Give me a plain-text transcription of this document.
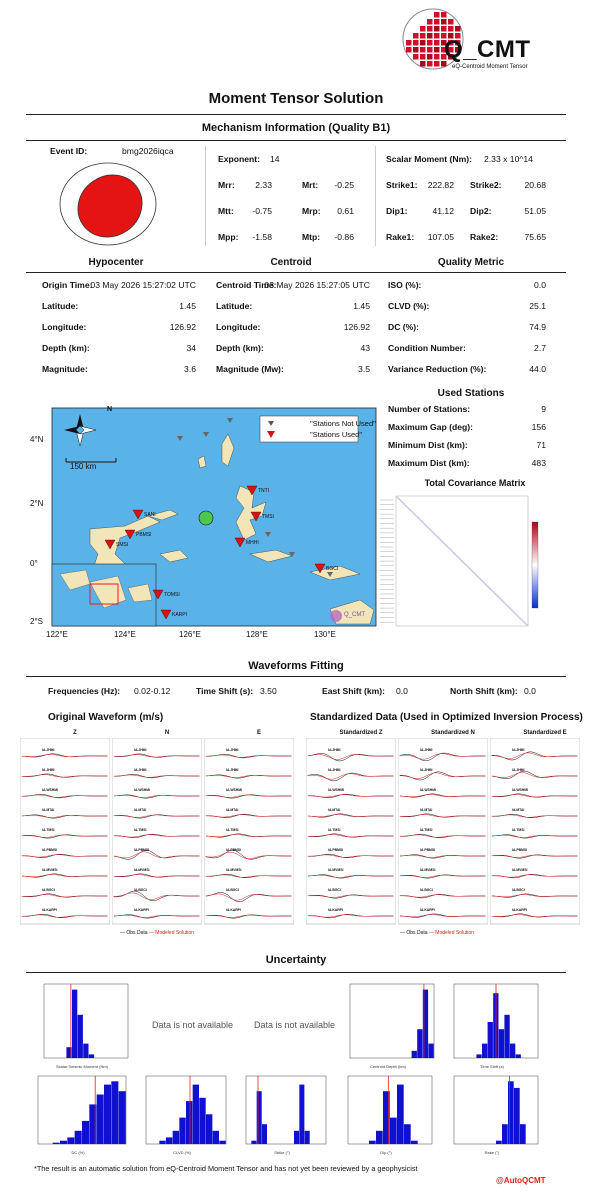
Q_CMT
eQ-Centroid Moment Tensor
Moment Tensor Solution
Mechanism Information (Quality B1)
Event ID:	bmg2026iqca
Exponent: 14	Scalar Moment (Nm): 2.33 x 10^14
Mrr:	2.33	Mrt:	-0.25	Strike1:	222.82 Strike2:	20.68
Mtt:	-0.75	Mrp:	0.61	Dip1:	41.12 Dip2:	51.05
Mpp:	-1.58	Mtp:	-0.86	Rake1:	107.05 Rake2:	75.65
Hypocenter	Centroid	Quality Metric
Origin Time:
03 May 2026 15:27:02 UTC
Latitude:	1.45
Longitude:	126.92
Depth (km):	34
Magnitude:	3.6
Centroid Time:
03 May 2026 15:27:05 UTC
Latitude:	1.45
Longitude:	126.92
Depth (km):	43
Magnitude (Mw):	3.5
ISO (%):	0.0
CLVD (%):	25.1
DC (%):	74.9
Condition Number:	2.7
Variance Reduction (%):	44.0
TNTI
PBMSI
SANI
MHHI
TMSI
SMSI
TOMSI
BGCI
KARPI
150 km
N
"Stations Not Used"
"Stations Used"
Q_CMT
4°N
2°N
0°
2°S
122°E	124°E	126°E	128°E	130°E
Used Stations
Number of Stations:	9
Maximum Gap (deg):	156
Minimum Dist (km):	71
Maximum Dist (km):	483
Total Covariance Matrix
Waveforms Fitting
Frequencies (Hz): 0.02-0.12	Time Shift (s): 3.50	East Shift (km): 0.0	North Shift (km): 0.0
Original Waveform (m/s)	Standardized Data (Used in Optimized Inversion Process)
Z
IA.JHMI
IA.JHMI
IA.WSHMI
IA.MTAI
IA.TMSI
IA.PBMSI
IA.MVMSI
IA.BGCI
IA.KARPI
N
IA.JHMI
IA.JHMI
IA.WSHMI
IA.MTAI
IA.TMSI
IA.PBMSI
IA.MVMSI
IA.BGCI
IA.KARPI
E
IA.JHMI
IA.JHMI
IA.WSHMI
IA.MTAI
IA.TMSI
IA.PBMSI
IA.MVMSI
IA.BGCI
IA.KARPI
Standardized Z
IA.JHMI
IA.JHMI
IA.WSHMI
IA.MTAI
IA.TMSI
IA.PBMSI
IA.MVMSI
IA.BGCI
IA.KARPI
Standardized N
IA.JHMI
IA.JHMI
IA.WSHMI
IA.MTAI
IA.TMSI
IA.PBMSI
IA.MVMSI
IA.BGCI
IA.KARPI
Standardized E
IA.JHMI
IA.JHMI
IA.WSHMI
IA.MTAI
IA.TMSI
IA.PBMSI
IA.MVMSI
IA.BGCI
IA.KARPI
— Obs Data — Modeled Solution	— Obs Data — Modeled Solution
Uncertainty
Data is not available Data is not available
Scalar Seismic Moment (Nm)	Centroid Depth (km)	Time Shift (s)
DC (%)	CLVD (%)	Strike (°)	Dip (°)	Rake (°)
*The result is an automatic solution from eQ-Centroid Moment Tensor and has not yet been reviewed by a geophysicist
@AutoQCMT
